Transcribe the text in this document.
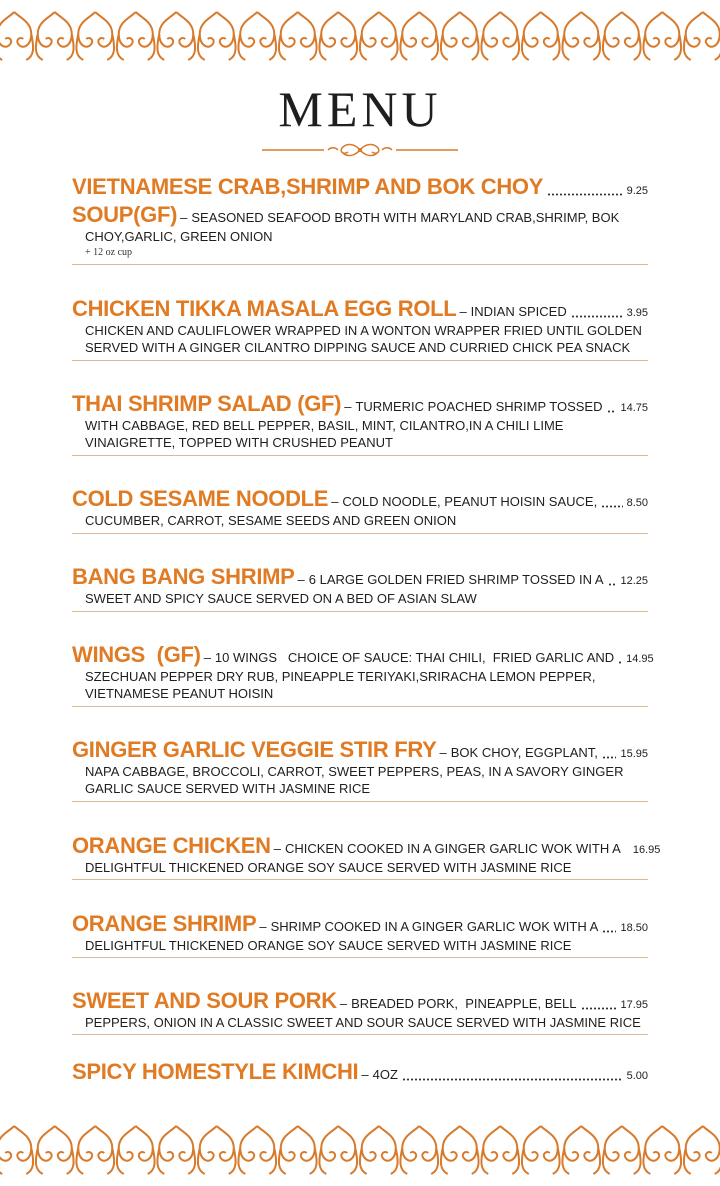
MENU
VIETNAMESE CRAB,SHRIMP AND BOK CHOY	9.25
SOUP(GF) – SEASONED SEAFOOD BROTH WITH MARYLAND CRAB,SHRIMP, BOK
CHOY,GARLIC, GREEN ONION
+ 12 oz cup
CHICKEN TIKKA MASALA EGG ROLL – INDIAN SPICED	3.95
CHICKEN AND CAULIFLOWER WRAPPED IN A WONTON WRAPPER FRIED UNTIL GOLDEN
SERVED WITH A GINGER CILANTRO DIPPING SAUCE AND CURRIED CHICK PEA SNACK
THAI SHRIMP SALAD (GF) – TURMERIC POACHED SHRIMP TOSSED 14.75
WITH CABBAGE, RED BELL PEPPER, BASIL, MINT, CILANTRO,IN A CHILI LIME
VINAIGRETTE, TOPPED WITH CRUSHED PEANUT
COLD SESAME NOODLE – COLD NOODLE, PEANUT HOISIN SAUCE,	8.50
CUCUMBER, CARROT, SESAME SEEDS AND GREEN ONION
BANG BANG SHRIMP – 6 LARGE GOLDEN FRIED SHRIMP TOSSED IN A 12.25
SWEET AND SPICY SAUCE SERVED ON A BED OF ASIAN SLAW
WINGS  (GF) – 10 WINGS   CHOICE OF SAUCE: THAI CHILI,  FRIED GARLIC AND 14.95
SZECHUAN PEPPER DRY RUB, PINEAPPLE TERIYAKI,SRIRACHA LEMON PEPPER,
VIETNAMESE PEANUT HOISIN
GINGER GARLIC VEGGIE STIR FRY – BOK CHOY, EGGPLANT, 15.95
NAPA CABBAGE, BROCCOLI, CARROT, SWEET PEPPERS, PEAS, IN A SAVORY GINGER
GARLIC SAUCE SERVED WITH JASMINE RICE
ORANGE CHICKEN – CHICKEN COOKED IN A GINGER GARLIC WOK WITH A 16.95
DELIGHTFUL THICKENED ORANGE SOY SAUCE SERVED WITH JASMINE RICE
ORANGE SHRIMP – SHRIMP COOKED IN A GINGER GARLIC WOK WITH A 18.50
DELIGHTFUL THICKENED ORANGE SOY SAUCE SERVED WITH JASMINE RICE
SWEET AND SOUR PORK – BREADED PORK,  PINEAPPLE, BELL	17.95
PEPPERS, ONION IN A CLASSIC SWEET AND SOUR SAUCE SERVED WITH JASMINE RICE
SPICY HOMESTYLE KIMCHI – 4OZ	5.00
